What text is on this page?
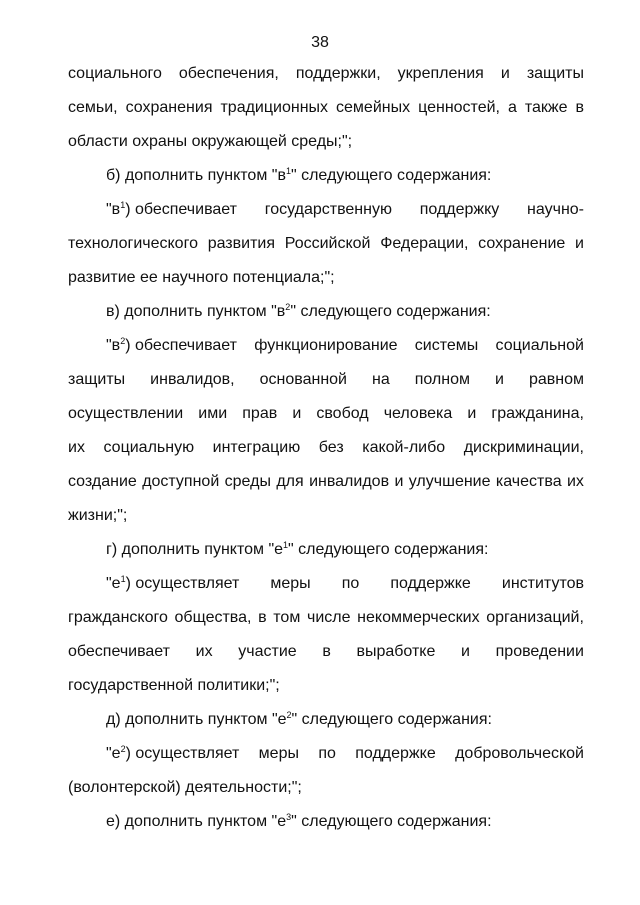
38
социального обеспечения, поддержки, укрепления и защиты
семьи, сохранения традиционных семейных ценностей, а также в
области охраны окружающей среды;";
б) дополнить пунктом "$в^1$" следующего содержания:
"$в^1$) обеспечивает государственную поддержку научно-
технологического развития Российской Федерации, сохранение и
развитие ее научного потенциала;";
в) дополнить пунктом "$в^2$" следующего содержания:
"$в^2$) обеспечивает функционирование системы социальной
защиты инвалидов, основанной на полном и равном
осуществлении ими прав и свобод человека и гражданина,
их социальную интеграцию без какой-либо дискриминации,
создание доступной среды для инвалидов и улучшение качества их
жизни;";
г) дополнить пунктом "$е^1$" следующего содержания:
"$е^1$) осуществляет меры по поддержке институтов
гражданского общества, в том числе некоммерческих организаций,
обеспечивает их участие в выработке и проведении
государственной политики;";
д) дополнить пунктом "$е^2$" следующего содержания:
"$е^2$) осуществляет меры по поддержке добровольческой
(волонтерской) деятельности;";
е) дополнить пунктом "$е^3$" следующего содержания:
